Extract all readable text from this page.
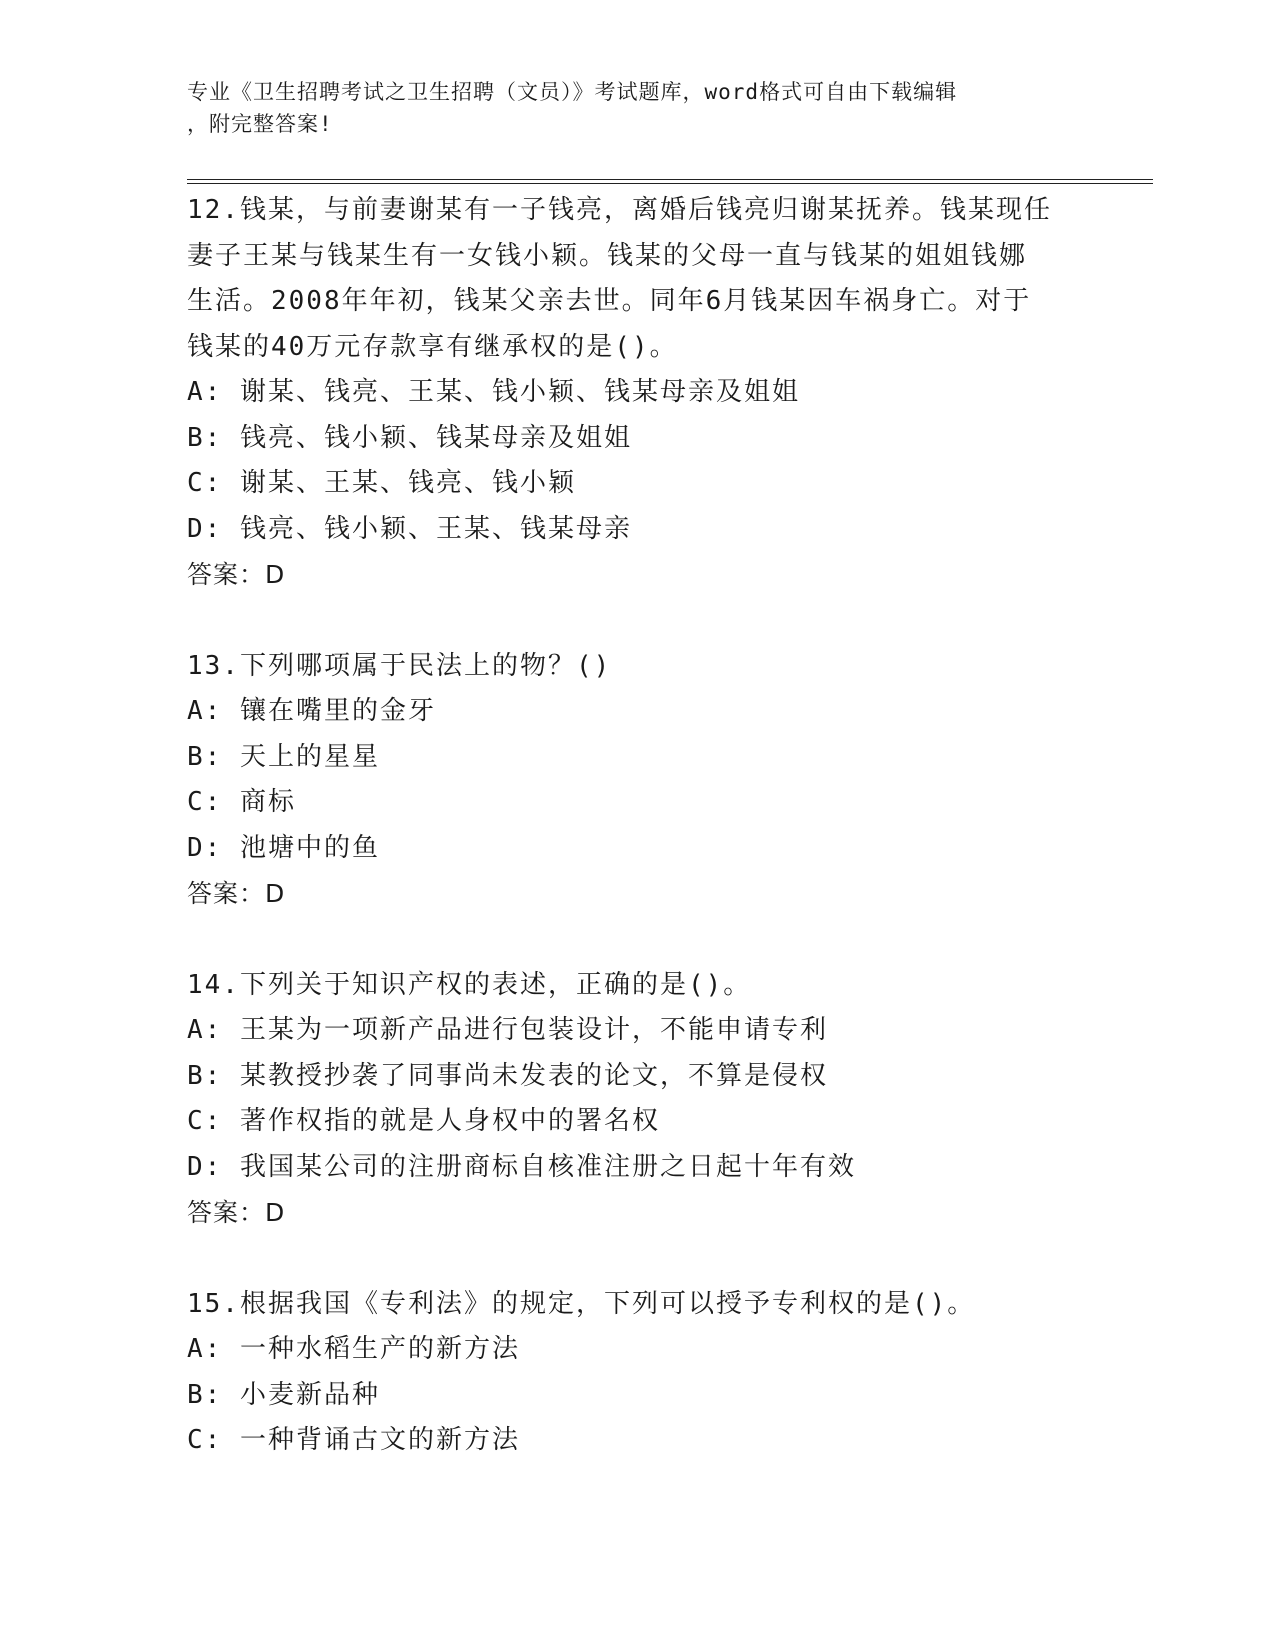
专业《卫生招聘考试之卫生招聘（文员）》考试题库，word格式可自由下载编辑
，附完整答案!
12.钱某，与前妻谢某有一子钱亮，离婚后钱亮归谢某抚养。钱某现任
妻子王某与钱某生有一女钱小颖。钱某的父母一直与钱某的姐姐钱娜
生活。2008年年初，钱某父亲去世。同年6月钱某因车祸身亡。对于
钱某的40万元存款享有继承权的是()。
A: 谢某、钱亮、王某、钱小颖、钱某母亲及姐姐
B: 钱亮、钱小颖、钱某母亲及姐姐
C: 谢某、王某、钱亮、钱小颖
D: 钱亮、钱小颖、王某、钱某母亲
答案：D
13.下列哪项属于民法上的物？()
A: 镶在嘴里的金牙
B: 天上的星星
C: 商标
D: 池塘中的鱼
答案：D
14.下列关于知识产权的表述，正确的是()。
A: 王某为一项新产品进行包装设计，不能申请专利
B: 某教授抄袭了同事尚未发表的论文，不算是侵权
C: 著作权指的就是人身权中的署名权
D: 我国某公司的注册商标自核准注册之日起十年有效
答案：D
15.根据我国《专利法》的规定，下列可以授予专利权的是()。
A: 一种水稻生产的新方法
B: 小麦新品种
C: 一种背诵古文的新方法
